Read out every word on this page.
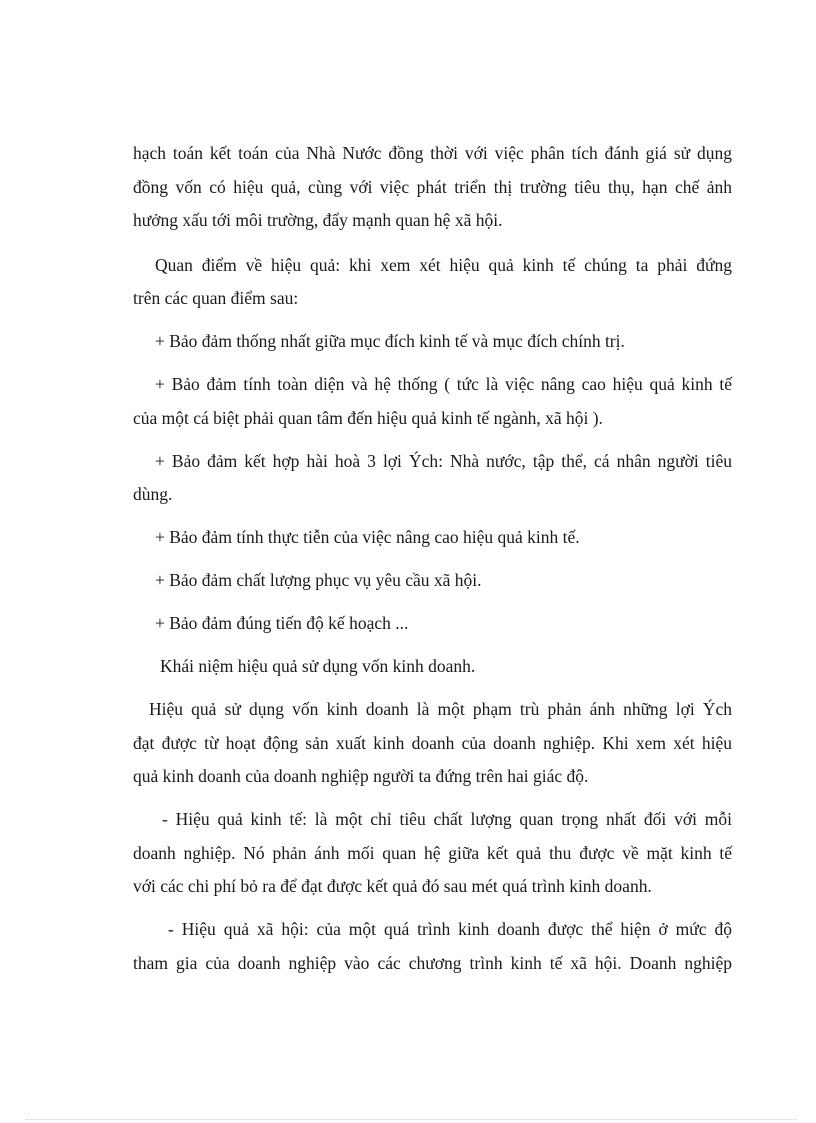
hạch toán kết toán của Nhà Nước đồng thời với việc phân tích đánh giá sử dụng
đồng vốn có hiệu quả, cùng với việc phát triển thị trường tiêu thụ, hạn chế ảnh
hưởng xấu tới môi trường, đẩy mạnh quan hệ xã hội.
Quan điểm về hiệu quả: khi xem xét hiệu quả kinh tế chúng ta phải đứng
trên các quan điểm sau:
+ Bảo đảm thống nhất giữa mục đích kinh tế và mục đích chính trị.
+ Bảo đảm tính toàn diện và hệ thống ( tức là việc nâng cao hiệu quả kinh tế
của một cá biệt phải quan tâm đến hiệu quả kinh tế ngành, xã hội ).
+ Bảo đảm kết hợp hài hoà 3 lợi Ých: Nhà nước, tập thể, cá nhân người tiêu
dùng.
+ Bảo đảm tính thực tiễn của việc nâng cao hiệu quả kinh tế.
+ Bảo đảm chất lượng phục vụ yêu cầu xã hội.
+ Bảo đảm đúng tiến độ kế hoạch ...
Khái niệm hiệu quả sử dụng vốn kinh doanh.
Hiệu quả sử dụng vốn kinh doanh là một phạm trù phản ánh những lợi Ých
đạt được từ hoạt động sản xuất kinh doanh của doanh nghiệp. Khi xem xét hiệu
quả kinh doanh của doanh nghiệp người ta đứng trên hai giác độ.
- Hiệu quả kinh tế: là một chỉ tiêu chất lượng quan trọng nhất đối với mỗi
doanh nghiệp. Nó phản ánh mối quan hệ giữa kết quả thu được về mặt kinh tế
với các chi phí bỏ ra để đạt được kết quả đó sau mét quá trình kinh doanh.
- Hiệu quả xã hội: của một quá trình kinh doanh được thể hiện ở mức độ
tham gia của doanh nghiệp vào các chương trình kinh tế xã hội. Doanh nghiệp
